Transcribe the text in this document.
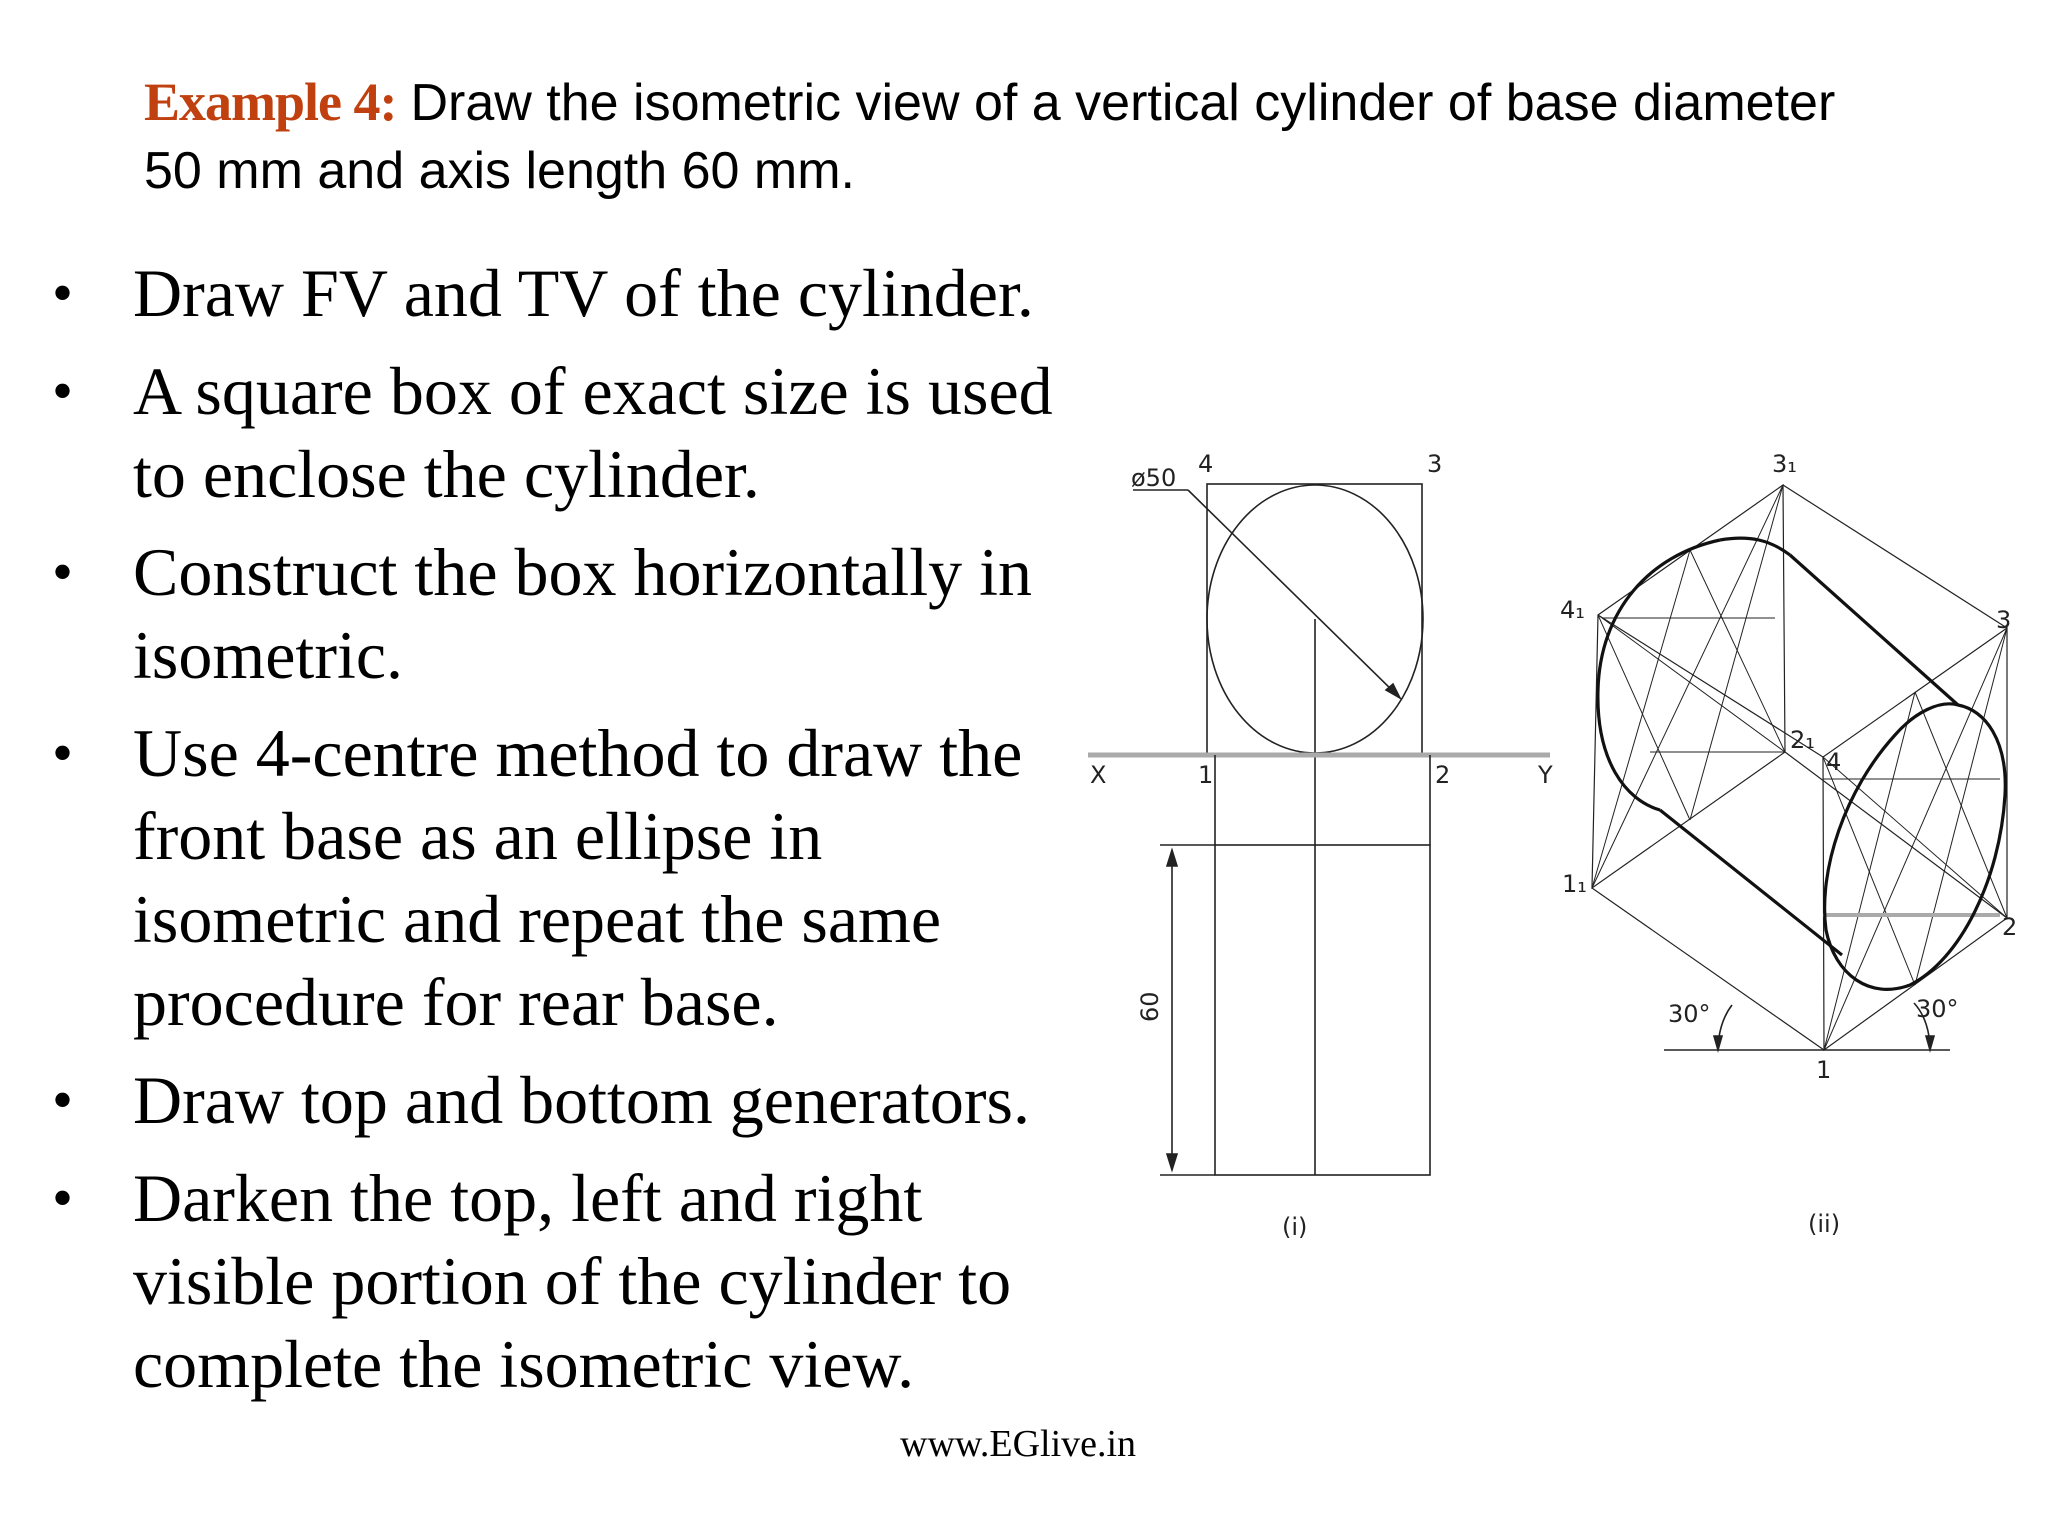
Example 4: Draw the isometric view of a vertical cylinder of base diameter 50 mm and axis length 60 mm.
• Draw FV and TV of the cylinder.
• A square box of exact size is used to enclose the cylinder.
• Construct the box horizontally in isometric.
• Use 4-centre method to draw the front base as an ellipse in isometric and repeat the same procedure for rear base.
• Draw top and bottom generators.
• Darken the top, left and right visible portion of the cylinder to complete the isometric view.
ø50 4	3
X	Y
1	2
60
(i)
3₁
4₁	3
2₁
4
1₁
2
30°	30°
1
(ii)
www.EGlive.in
